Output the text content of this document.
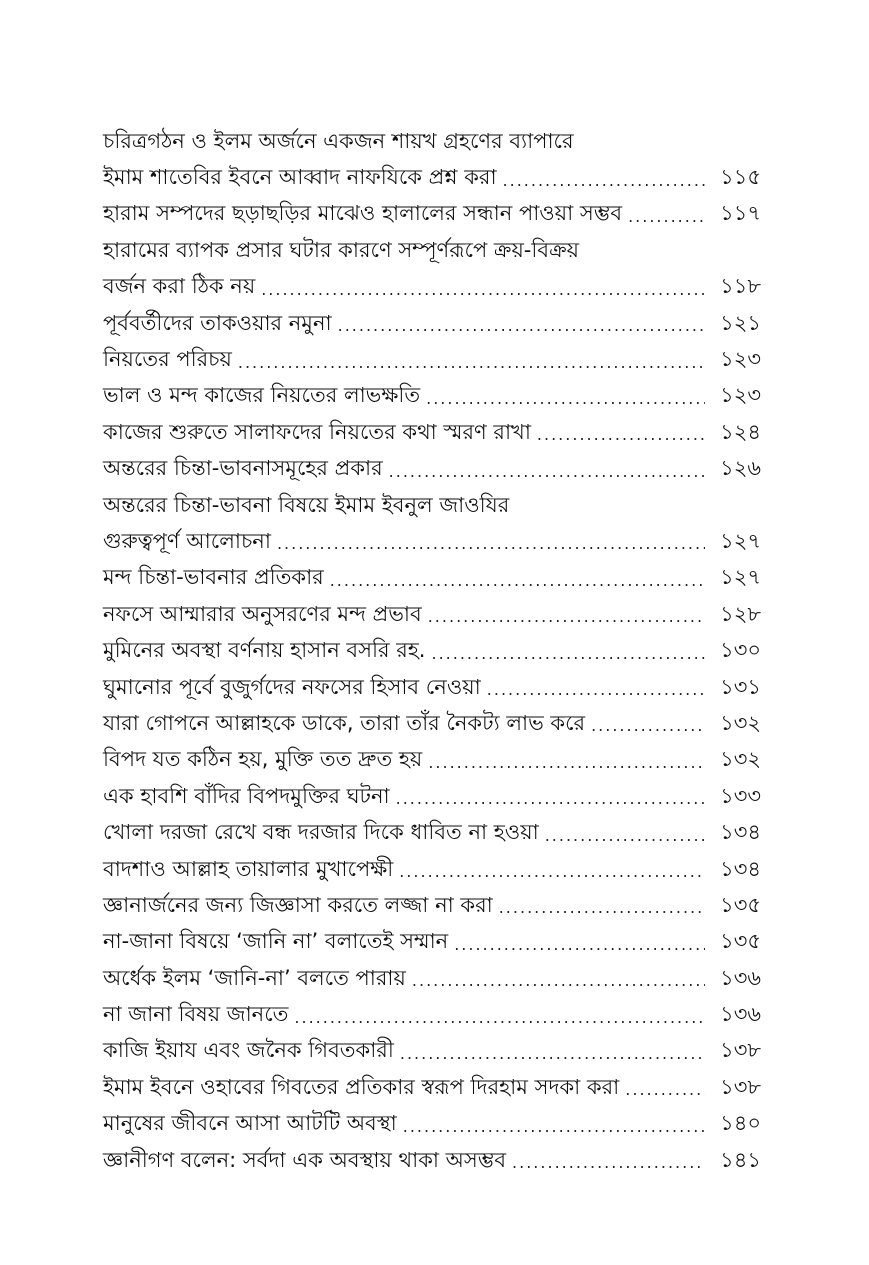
চরিত্রগঠন ও ইলম অর্জনে একজন শায়খ গ্রহণের ব্যাপারে
ইমাম শাতেবির ইবনে আব্বাদ নাফযিকে প্রশ্ন করা .....	১১৫
হারাম সম্পদের ছড়াছড়ির মাঝেও হালালের সন্ধান পাওয়া সম্ভব .....	১১৭
হারামের ব্যাপক প্রসার ঘটার কারণে সম্পূর্ণরূপে ক্রয়-বিক্রয়
বর্জন করা ঠিক নয় .....	১১৮
পূর্ববর্তীদের তাকওয়ার নমুনা .....	১২১
নিয়তের পরিচয় .....	১২৩
ভাল ও মন্দ কাজের নিয়তের লাভক্ষতি .....	১২৩
কাজের শুরুতে সালাফদের নিয়তের কথা স্মরণ রাখা .....	১২৪
অন্তরের চিন্তা-ভাবনাসমূহের প্রকার .....	১২৬
অন্তরের চিন্তা-ভাবনা বিষয়ে ইমাম ইবনুল জাওযির
গুরুত্বপূর্ণ আলোচনা .....	১২৭
মন্দ চিন্তা-ভাবনার প্রতিকার .....	১২৭
নফসে আম্মারার অনুসরণের মন্দ প্রভাব .....	১২৮
মুমিনের অবস্থা বর্ণনায় হাসান বসরি রহ. .....	১৩০
ঘুমানোর পূর্বে বুজুর্গদের নফসের হিসাব নেওয়া .....	১৩১
যারা গোপনে আল্লাহকে ডাকে, তারা তাঁর নৈকট্য লাভ করে .....	১৩২
বিপদ যত কঠিন হয়, মুক্তি তত দ্রুত হয় .....	১৩২
এক হাবশি বাঁদির বিপদমুক্তির ঘটনা .....	১৩৩
খোলা দরজা রেখে বন্ধ দরজার দিকে ধাবিত না হওয়া .....	১৩৪
বাদশাও আল্লাহ তায়ালার মুখাপেক্ষী .....	১৩৪
জ্ঞানার্জনের জন্য জিজ্ঞাসা করতে লজ্জা না করা .....	১৩৫
না-জানা বিষয়ে ‘জানি না’ বলাতেই সম্মান .....	১৩৫
অর্ধেক ইলম ‘জানি-না’ বলতে পারায় .....	১৩৬
না জানা বিষয় জানতে .....	১৩৬
কাজি ইয়ায এবং জনৈক গিবতকারী .....	১৩৮
ইমাম ইবনে ওহাবের গিবতের প্রতিকার স্বরূপ দিরহাম সদকা করা .....	১৩৮
মানুষের জীবনে আসা আটটি অবস্থা .....	১৪০
জ্ঞানীগণ বলেন: সর্বদা এক অবস্থায় থাকা অসম্ভব .....	১৪১
